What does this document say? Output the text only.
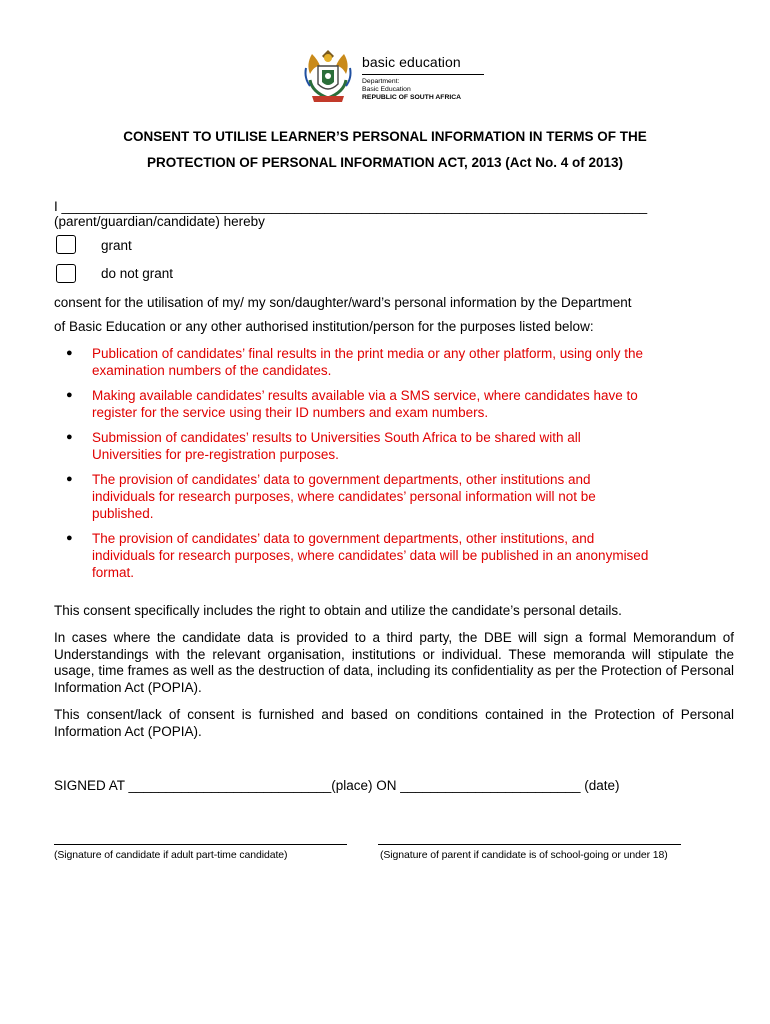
basic education
Department:
Basic Education
REPUBLIC OF SOUTH AFRICA
CONSENT TO UTILISE LEARNER’S PERSONAL INFORMATION IN TERMS OF THE
PROTECTION OF PERSONAL INFORMATION ACT, 2013 (Act No. 4 of 2013)
I ______________________________________________________________________________
(parent/guardian/candidate) hereby
grant
do not grant
consent for the utilisation of my/ my son/daughter/ward’s personal information by the Department
of Basic Education or any other authorised institution/person for the purposes listed below:
● Publication of candidates’ final results in the print media or any other platform, using only the
examination numbers of the candidates.
● Making available candidates’ results available via a SMS service, where candidates have to
register for the service using their ID numbers and exam numbers.
● Submission of candidates’ results to Universities South Africa to be shared with all
Universities for pre-registration purposes.
● The provision of candidates’ data to government departments, other institutions and
individuals for research purposes, where candidates’ personal information will not be
published.
● The provision of candidates’ data to government departments, other institutions, and
individuals for research purposes, where candidates’ data will be published in an anonymised
format.
This consent specifically includes the right to obtain and utilize the candidate’s personal details.
In cases where the candidate data is provided to a third party, the DBE will sign a formal Memorandum of Understandings with the relevant organisation, institutions or individual. These memoranda will stipulate the usage, time frames as well as the destruction of data, including its confidentiality as per the Protection of Personal Information Act (POPIA).
This consent/lack of consent is furnished and based on conditions contained in the Protection of Personal Information Act (POPIA).
SIGNED AT ___________________________(place) ON ________________________ (date)
(Signature of candidate if adult part-time candidate)	(Signature of parent if candidate is of school-going or under 18)
